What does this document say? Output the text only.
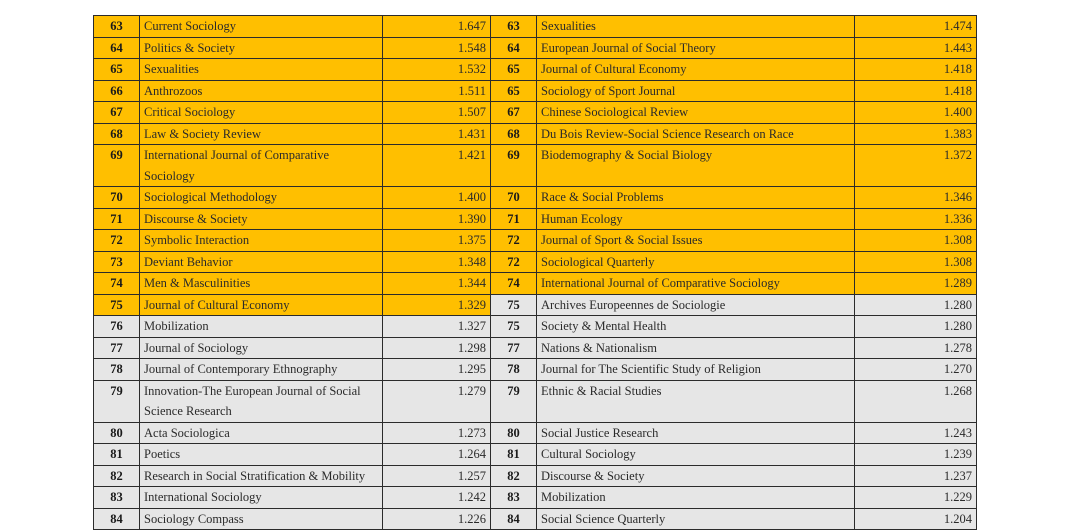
63	Current Sociology	1.647	63	Sexualities	1.474
64	Politics & Society	1.548	64	European Journal of Social Theory	1.443
65	Sexualities	1.532	65	Journal of Cultural Economy	1.418
66	Anthrozoos	1.511	65	Sociology of Sport Journal	1.418
67	Critical Sociology	1.507	67	Chinese Sociological Review	1.400
68	Law & Society Review	1.431	68	Du Bois Review-Social Science Research on Race	1.383
69	International Journal of Comparative Sociology	1.421	69	Biodemography & Social Biology	1.372
70	Sociological Methodology	1.400	70	Race & Social Problems	1.346
71	Discourse & Society	1.390	71	Human Ecology	1.336
72	Symbolic Interaction	1.375	72	Journal of Sport & Social Issues	1.308
73	Deviant Behavior	1.348	72	Sociological Quarterly	1.308
74	Men & Masculinities	1.344	74	International Journal of Comparative Sociology	1.289
75	Journal of Cultural Economy	1.329	75	Archives Europeennes de Sociologie	1.280
76	Mobilization	1.327	75	Society & Mental Health	1.280
77	Journal of Sociology	1.298	77	Nations & Nationalism	1.278
78	Journal of Contemporary Ethnography	1.295	78	Journal for The Scientific Study of Religion	1.270
79	Innovation-The European Journal of Social Science Research	1.279	79	Ethnic & Racial Studies	1.268
80	Acta Sociologica	1.273	80	Social Justice Research	1.243
81	Poetics	1.264	81	Cultural Sociology	1.239
82	Research in Social Stratification & Mobility	1.257	82	Discourse & Society	1.237
83	International Sociology	1.242	83	Mobilization	1.229
84	Sociology Compass	1.226	84	Social Science Quarterly	1.204
